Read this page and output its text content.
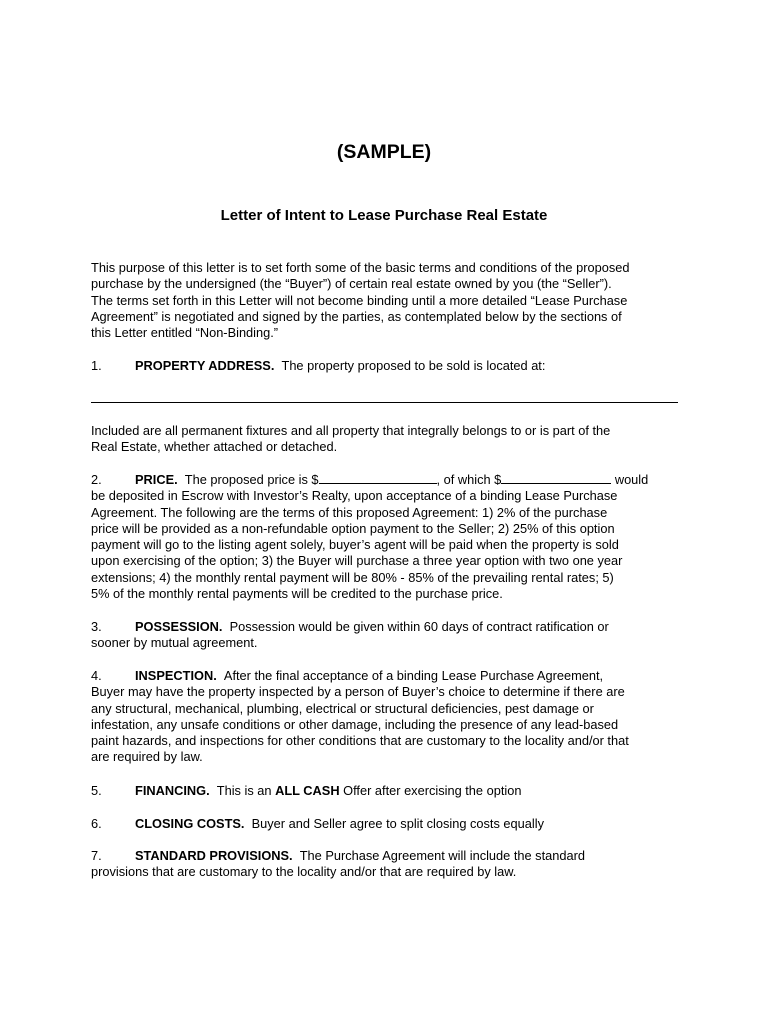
(SAMPLE)
Letter of Intent to Lease Purchase Real Estate
This purpose of this letter is to set forth some of the basic terms and conditions of the proposed
purchase by the undersigned (the “Buyer”) of certain real estate owned by you (the “Seller”).
The terms set forth in this Letter will not become binding until a more detailed “Lease Purchase
Agreement” is negotiated and signed by the parties, as contemplated below by the sections of
this Letter entitled “Non-Binding.”
1.	PROPERTY ADDRESS. The property proposed to be sold is located at:
Included are all permanent fixtures and all property that integrally belongs to or is part of the
Real Estate, whether attached or detached.
2.	PRICE. The proposed price is $	, of which $	would
be deposited in Escrow with Investor’s Realty, upon acceptance of a binding Lease Purchase
Agreement. The following are the terms of this proposed Agreement: 1) 2% of the purchase
price will be provided as a non-refundable option payment to the Seller; 2) 25% of this option
payment will go to the listing agent solely, buyer’s agent will be paid when the property is sold
upon exercising of the option; 3) the Buyer will purchase a three year option with two one year
extensions; 4) the monthly rental payment will be 80% - 85% of the prevailing rental rates; 5)
5% of the monthly rental payments will be credited to the purchase price.
3.	POSSESSION. Possession would be given within 60 days of contract ratification or
sooner by mutual agreement.
4.	INSPECTION. After the final acceptance of a binding Lease Purchase Agreement,
Buyer may have the property inspected by a person of Buyer’s choice to determine if there are
any structural, mechanical, plumbing, electrical or structural deficiencies, pest damage or
infestation, any unsafe conditions or other damage, including the presence of any lead-based
paint hazards, and inspections for other conditions that are customary to the locality and/or that
are required by law.
5.	FINANCING. This is an ALL CASH Offer after exercising the option
6.	CLOSING COSTS. Buyer and Seller agree to split closing costs equally
7.	STANDARD PROVISIONS. The Purchase Agreement will include the standard
provisions that are customary to the locality and/or that are required by law.
